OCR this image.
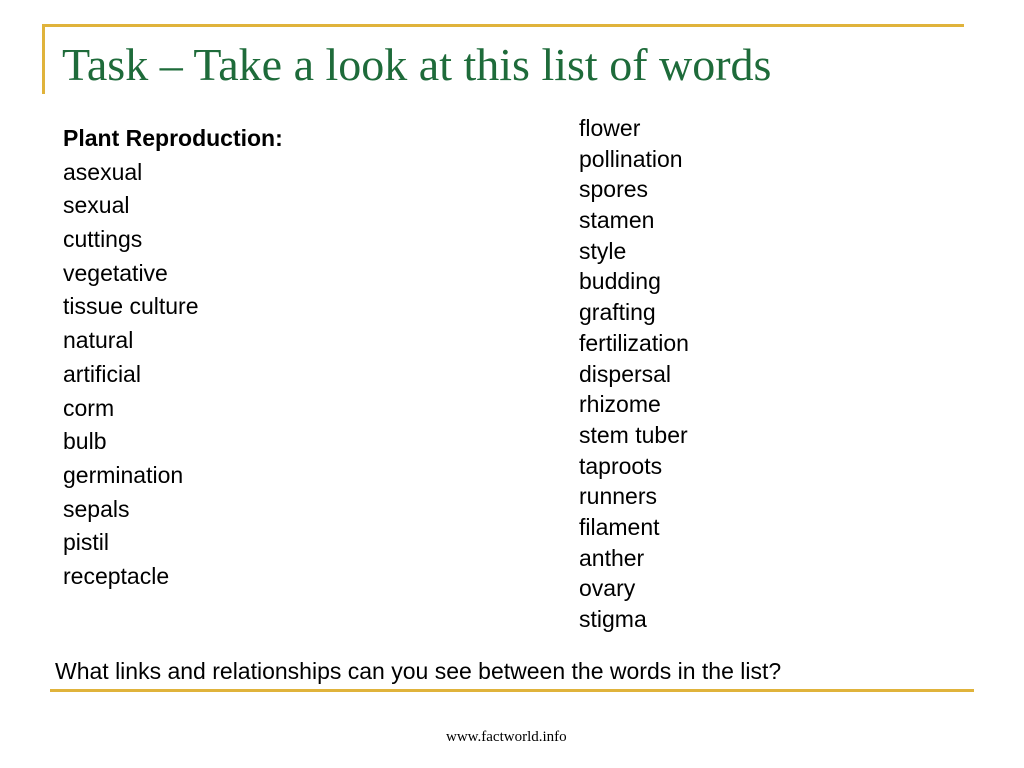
Task – Take a look at this list of words
Plant Reproduction:
asexual
sexual
cuttings
vegetative
tissue culture
natural
artificial
corm
bulb
germination
sepals
pistil
receptacle
flower
pollination
spores
stamen
style
budding
grafting
fertilization
dispersal
rhizome
stem tuber
taproots
runners
filament
anther
ovary
stigma
What links and relationships can you see between the words in the list?
www.factworld.info
